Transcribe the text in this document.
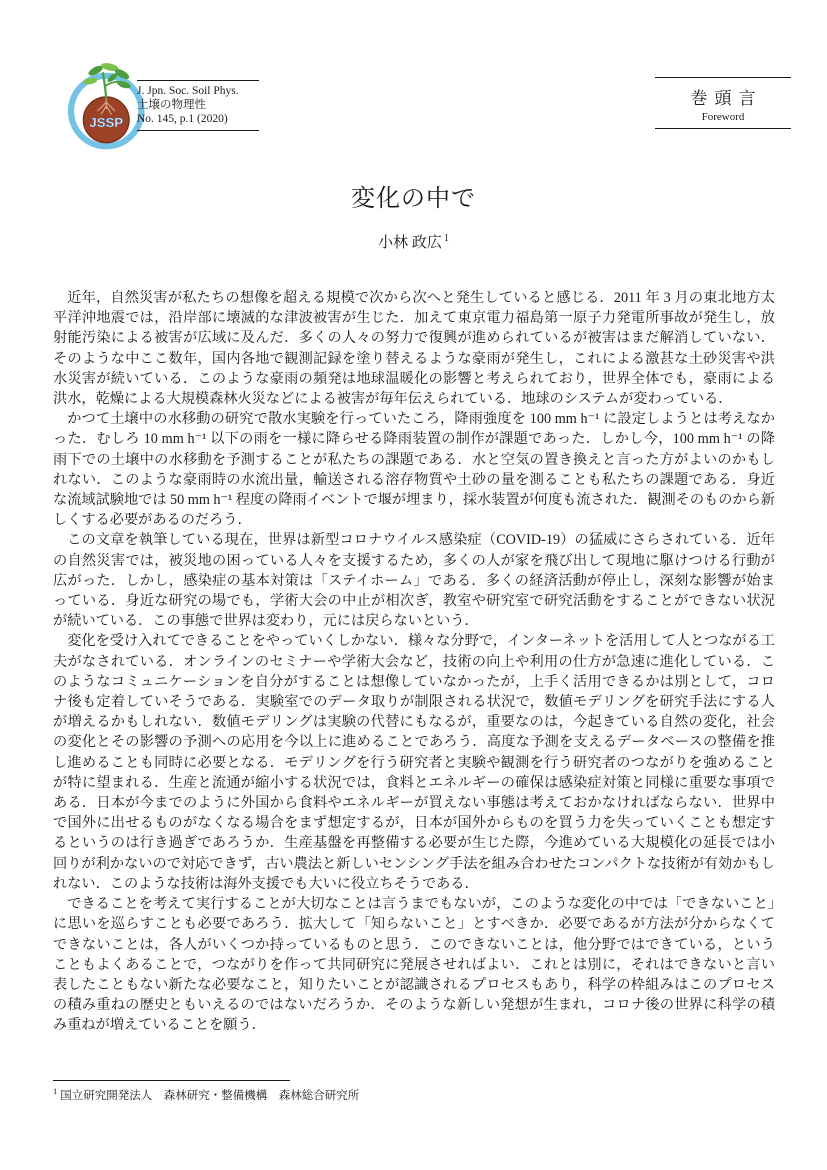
JSSP
J. Jpn. Soc. Soil Phys.
土壌の物理性
No. 145, p.1 (2020)
巻頭言
Foreword
変化の中で
小林 政広 $^1$

近年，自然災害が私たちの想像を超える規模で次から次へと発生していると感じる．2011 年 3 月の東北地方太平洋沖地震では，沿岸部に壊滅的な津波被害が生じた．加えて東京電力福島第一原子力発電所事故が発生し，放射能汚染による被害が広域に及んだ．多くの人々の努力で復興が進められているが被害はまだ解消していない．そのような中ここ数年，国内各地で観測記録を塗り替えるような豪雨が発生し，これによる激甚な土砂災害や洪水災害が続いている．このような豪雨の頻発は地球温暖化の影響と考えられており，世界全体でも，豪雨による洪水，乾燥による大規模森林火災などによる被害が毎年伝えられている．地球のシステムが変わっている．

かつて土壌中の水移動の研究で散水実験を行っていたころ，降雨強度を 100 mm h⁻¹ に設定しようとは考えなかった．むしろ 10 mm h⁻¹ 以下の雨を一様に降らせる降雨装置の制作が課題であった．しかし今，100 mm h⁻¹ の降雨下での土壌中の水移動を予測することが私たちの課題である．水と空気の置き換えと言った方がよいのかもしれない．このような豪雨時の水流出量，輸送される溶存物質や土砂の量を測ることも私たちの課題である．身近な流域試験地では 50 mm h⁻¹ 程度の降雨イベントで堰が埋まり，採水装置が何度も流された．観測そのものから新しくする必要があるのだろう．

この文章を執筆している現在，世界は新型コロナウイルス感染症（COVID-19）の猛威にさらされている．近年の自然災害では，被災地の困っている人々を支援するため，多くの人が家を飛び出して現地に駆けつける行動が広がった．しかし，感染症の基本対策は「ステイホーム」である．多くの経済活動が停止し，深刻な影響が始まっている．身近な研究の場でも，学術大会の中止が相次ぎ，教室や研究室で研究活動をすることができない状況が続いている．この事態で世界は変わり，元には戻らないという．

変化を受け入れてできることをやっていくしかない．様々な分野で，インターネットを活用して人とつながる工夫がなされている．オンラインのセミナーや学術大会など，技術の向上や利用の仕方が急速に進化している．このようなコミュニケーションを自分がすることは想像していなかったが，上手く活用できるかは別として，コロナ後も定着していそうである．実験室でのデータ取りが制限される状況で，数値モデリングを研究手法にする人が増えるかもしれない．数値モデリングは実験の代替にもなるが，重要なのは，今起きている自然の変化，社会の変化とその影響の予測への応用を今以上に進めることであろう．高度な予測を支えるデータベースの整備を推し進めることも同時に必要となる．モデリングを行う研究者と実験や観測を行う研究者のつながりを強めることが特に望まれる．生産と流通が縮小する状況では，食料とエネルギーの確保は感染症対策と同様に重要な事項である．日本が今までのように外国から食料やエネルギーが買えない事態は考えておかなければならない．世界中で国外に出せるものがなくなる場合をまず想定するが，日本が国外からものを買う力を失っていくことも想定するというのは行き過ぎであろうか．生産基盤を再整備する必要が生じた際，今進めている大規模化の延長では小回りが利かないので対応できず，古い農法と新しいセンシング手法を組み合わせたコンパクトな技術が有効かもしれない．このような技術は海外支援でも大いに役立ちそうである．

できることを考えて実行することが大切なことは言うまでもないが，このような変化の中では「できないこと」に思いを巡らすことも必要であろう．拡大して「知らないこと」とすべきか．必要であるが方法が分からなくてできないことは，各人がいくつか持っているものと思う．このできないことは，他分野ではできている，ということもよくあることで，つながりを作って共同研究に発展させればよい．これとは別に，それはできないと言い表したこともない新たな必要なこと，知りたいことが認識されるプロセスもあり，科学の枠組みはこのプロセスの積み重ねの歴史ともいえるのではないだろうか．そのような新しい発想が生まれ，コロナ後の世界に科学の積み重ねが増えていることを願う．

$^1$ 国立研究開発法人　森林研究・整備機構　森林総合研究所
